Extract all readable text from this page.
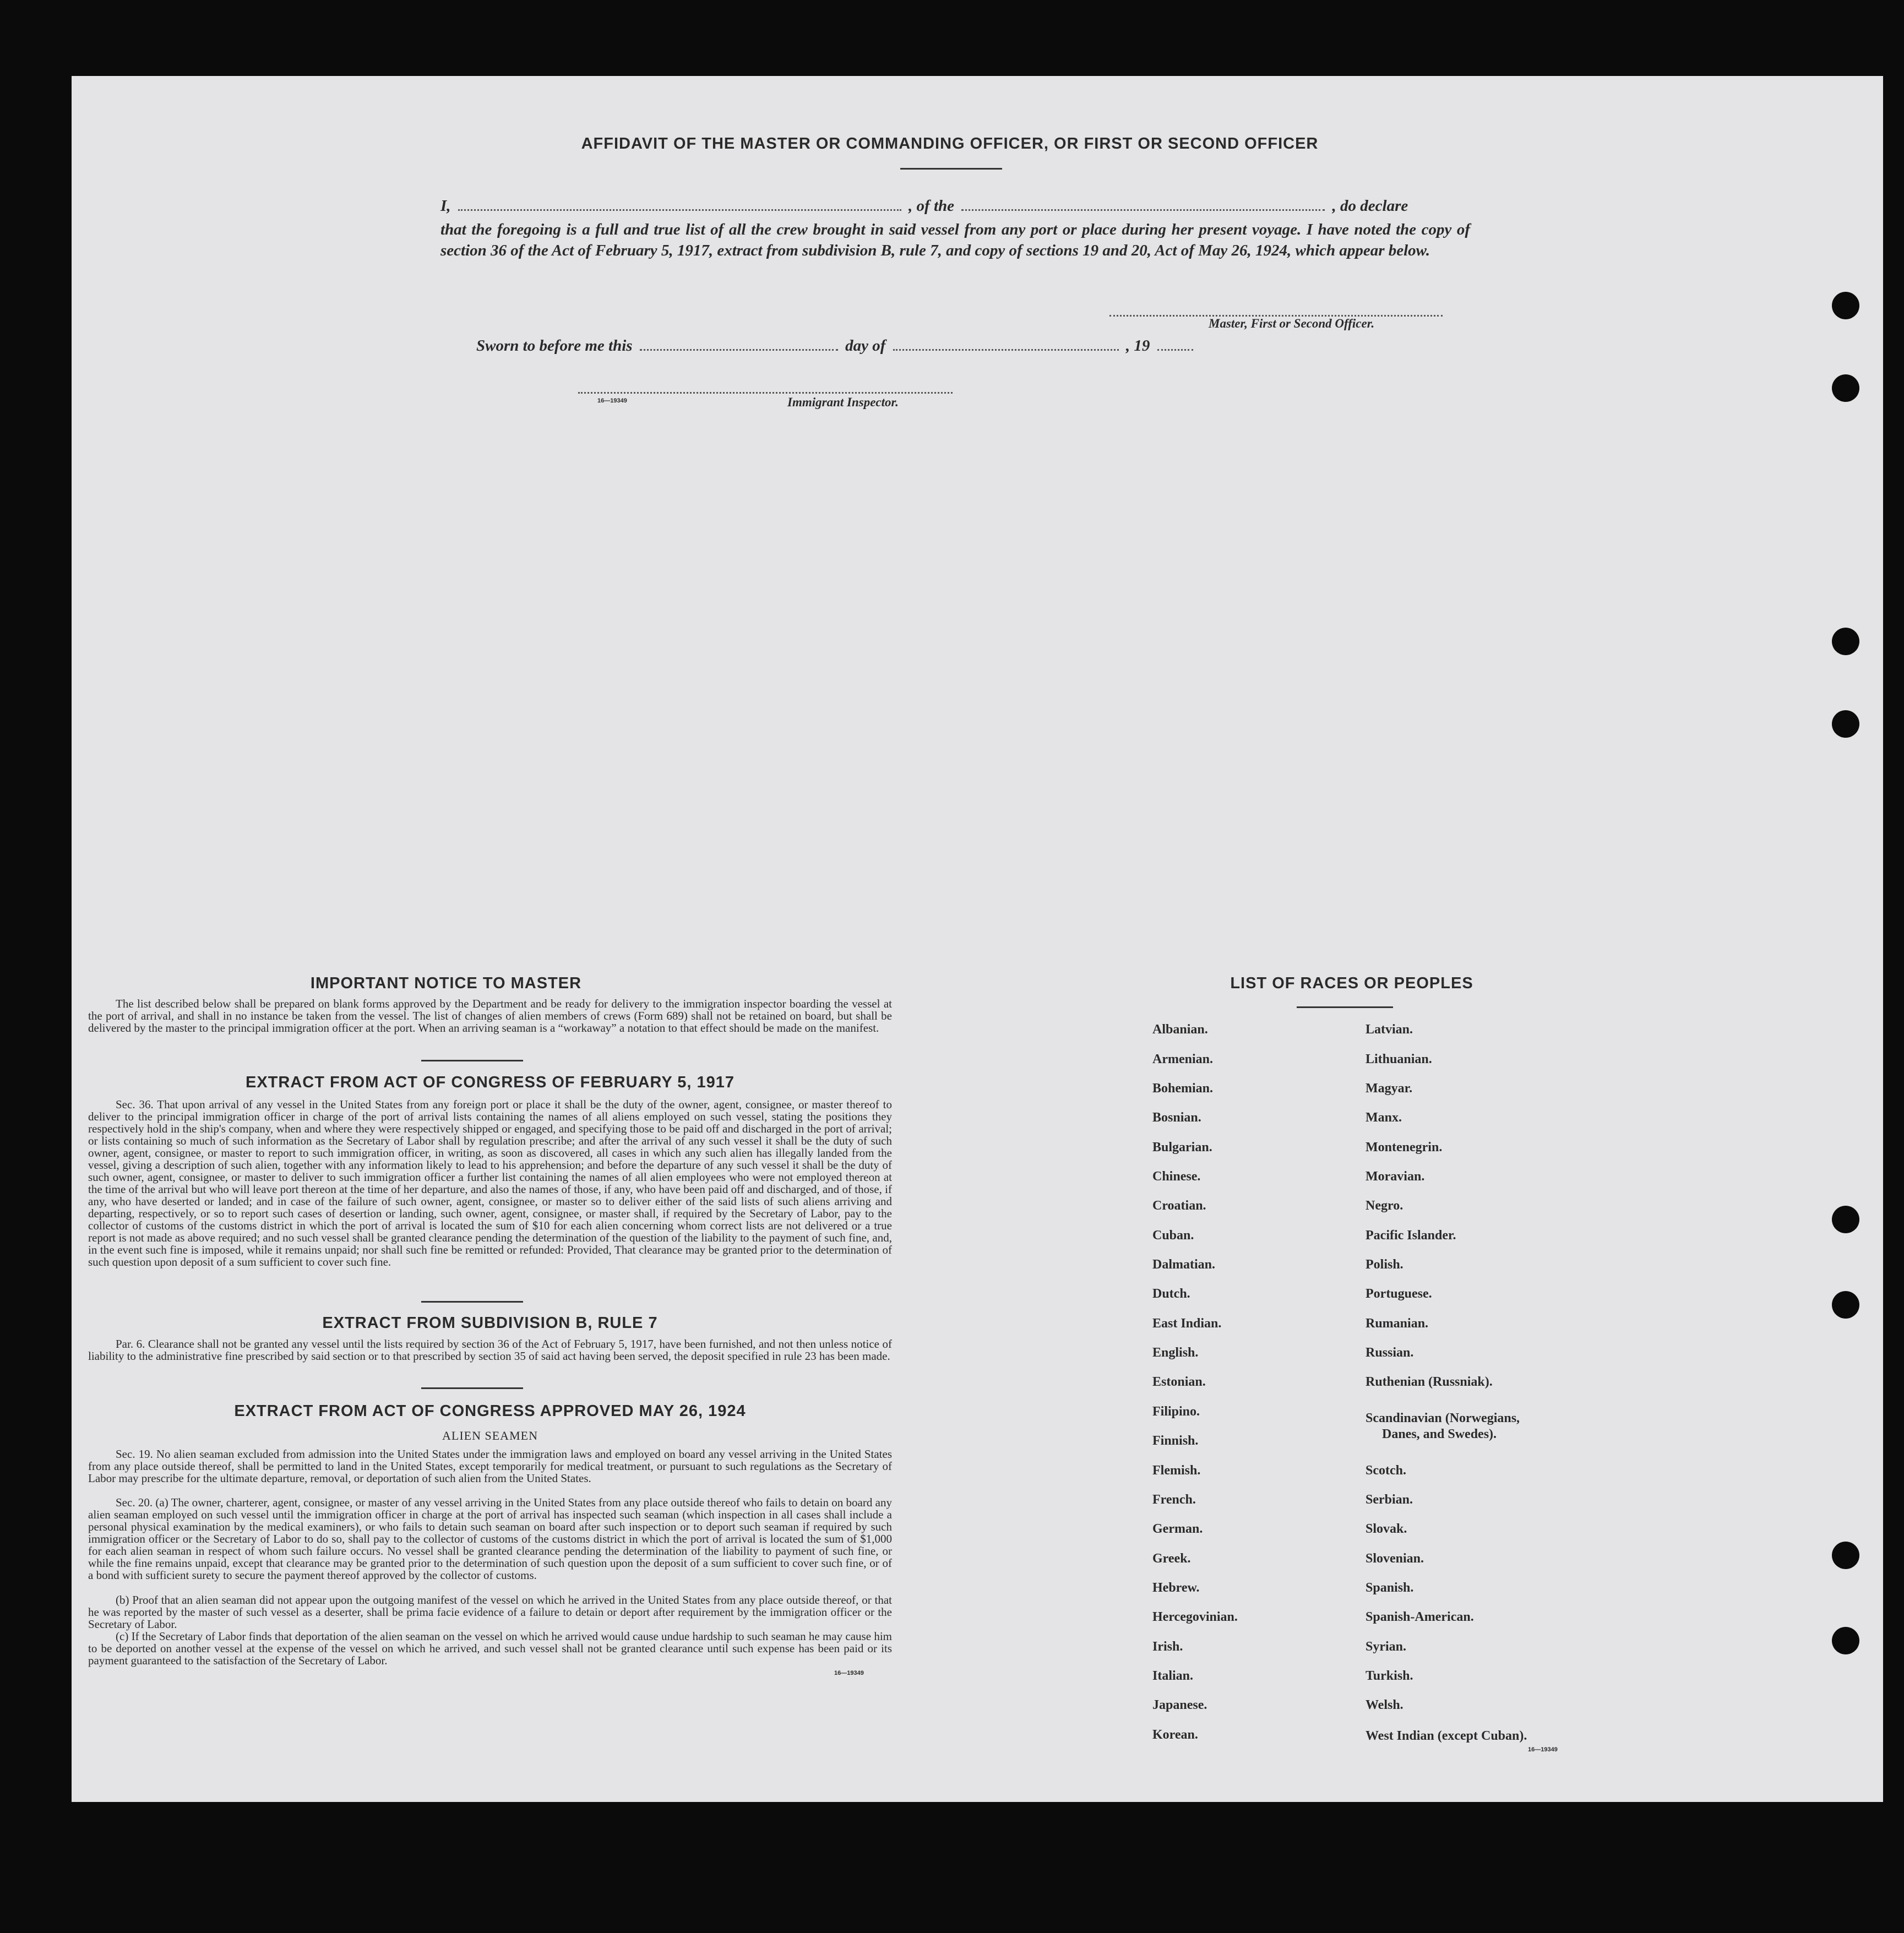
AFFIDAVIT OF THE MASTER OR COMMANDING OFFICER, OR FIRST OR SECOND OFFICER
I,	, of the	, do declare
that the foregoing is a full and true list of all the crew brought in said vessel from any port or place during her present voyage. I have noted the copy of section 36 of the Act of February 5, 1917, extract from subdivision B, rule 7, and copy of sections 19 and 20, Act of May 26, 1924, which appear below.
Master, First or Second Officer.
Sworn to before me this	day of	, 19
16—19349	Immigrant Inspector.
IMPORTANT NOTICE TO MASTER
The list described below shall be prepared on blank forms approved by the Department and be ready for delivery to the immigration inspector boarding the vessel at the port of arrival, and shall in no instance be taken from the vessel. The list of changes of alien members of crews (Form 689) shall not be retained on board, but shall be delivered by the master to the principal immigration officer at the port. When an arriving seaman is a “workaway” a notation to that effect should be made on the manifest.
EXTRACT FROM ACT OF CONGRESS OF FEBRUARY 5, 1917
Sec. 36. That upon arrival of any vessel in the United States from any foreign port or place it shall be the duty of the owner, agent, consignee, or master thereof to deliver to the principal immigration officer in charge of the port of arrival lists containing the names of all aliens employed on such vessel, stating the positions they respectively hold in the ship's company, when and where they were respectively shipped or engaged, and specifying those to be paid off and discharged in the port of arrival; or lists containing so much of such information as the Secretary of Labor shall by regulation prescribe; and after the arrival of any such vessel it shall be the duty of such owner, agent, consignee, or master to report to such immigration officer, in writing, as soon as discovered, all cases in which any such alien has illegally landed from the vessel, giving a description of such alien, together with any information likely to lead to his apprehension; and before the departure of any such vessel it shall be the duty of such owner, agent, consignee, or master to deliver to such immigration officer a further list containing the names of all alien employees who were not employed thereon at the time of the arrival but who will leave port thereon at the time of her departure, and also the names of those, if any, who have been paid off and discharged, and of those, if any, who have deserted or landed; and in case of the failure of such owner, agent, consignee, or master so to deliver either of the said lists of such aliens arriving and departing, respectively, or so to report such cases of desertion or landing, such owner, agent, consignee, or master shall, if required by the Secretary of Labor, pay to the collector of customs of the customs district in which the port of arrival is located the sum of $10 for each alien concerning whom correct lists are not delivered or a true report is not made as above required; and no such vessel shall be granted clearance pending the determination of the question of the liability to the payment of such fine, and, in the event such fine is imposed, while it remains unpaid; nor shall such fine be remitted or refunded: Provided, That clearance may be granted prior to the determination of such question upon deposit of a sum sufficient to cover such fine.
EXTRACT FROM SUBDIVISION B, RULE 7
Par. 6. Clearance shall not be granted any vessel until the lists required by section 36 of the Act of February 5, 1917, have been furnished, and not then unless notice of liability to the administrative fine prescribed by said section or to that prescribed by section 35 of said act having been served, the deposit specified in rule 23 has been made.
EXTRACT FROM ACT OF CONGRESS APPROVED MAY 26, 1924
ALIEN SEAMEN
Sec. 19. No alien seaman excluded from admission into the United States under the immigration laws and employed on board any vessel arriving in the United States from any place outside thereof, shall be permitted to land in the United States, except temporarily for medical treatment, or pursuant to such regulations as the Secretary of Labor may prescribe for the ultimate departure, removal, or deportation of such alien from the United States.
Sec. 20. (a) The owner, charterer, agent, consignee, or master of any vessel arriving in the United States from any place outside thereof who fails to detain on board any alien seaman employed on such vessel until the immigration officer in charge at the port of arrival has inspected such seaman (which inspection in all cases shall include a personal physical examination by the medical examiners), or who fails to detain such seaman on board after such inspection or to deport such seaman if required by such immigration officer or the Secretary of Labor to do so, shall pay to the collector of customs of the customs district in which the port of arrival is located the sum of $1,000 for each alien seaman in respect of whom such failure occurs. No vessel shall be granted clearance pending the determination of the liability to payment of such fine, or while the fine remains unpaid, except that clearance may be granted prior to the determination of such question upon the deposit of a sum sufficient to cover such fine, or of a bond with sufficient surety to secure the payment thereof approved by the collector of customs.
(b) Proof that an alien seaman did not appear upon the outgoing manifest of the vessel on which he arrived in the United States from any place outside thereof, or that he was reported by the master of such vessel as a deserter, shall be prima facie evidence of a failure to detain or deport after requirement by the immigration officer or the Secretary of Labor.
(c) If the Secretary of Labor finds that deportation of the alien seaman on the vessel on which he arrived would cause undue hardship to such seaman he may cause him to be deported on another vessel at the expense of the vessel on which he arrived, and such vessel shall not be granted clearance until such expense has been paid or its payment guaranteed to the satisfaction of the Secretary of Labor.
16—19349
LIST OF RACES OR PEOPLES
Albanian.
Armenian.
Bohemian.
Bosnian.
Bulgarian.
Chinese.
Croatian.
Cuban.
Dalmatian.
Dutch.
East Indian.
English.
Estonian.
Filipino.
Finnish.
Flemish.
French.
German.
Greek.
Hebrew.
Hercegovinian.
Irish.
Italian.
Japanese.
Korean.
Latvian.
Lithuanian.
Magyar.
Manx.
Montenegrin.
Moravian.
Negro.
Pacific Islander.
Polish.
Portuguese.
Rumanian.
Russian.
Ruthenian (Russniak).
Scandinavian (Norwegians,
Danes, and Swedes).
Scotch.
Serbian.
Slovak.
Slovenian.
Spanish.
Spanish-American.
Syrian.
Turkish.
Welsh.
West Indian (except Cuban).
16—19349
